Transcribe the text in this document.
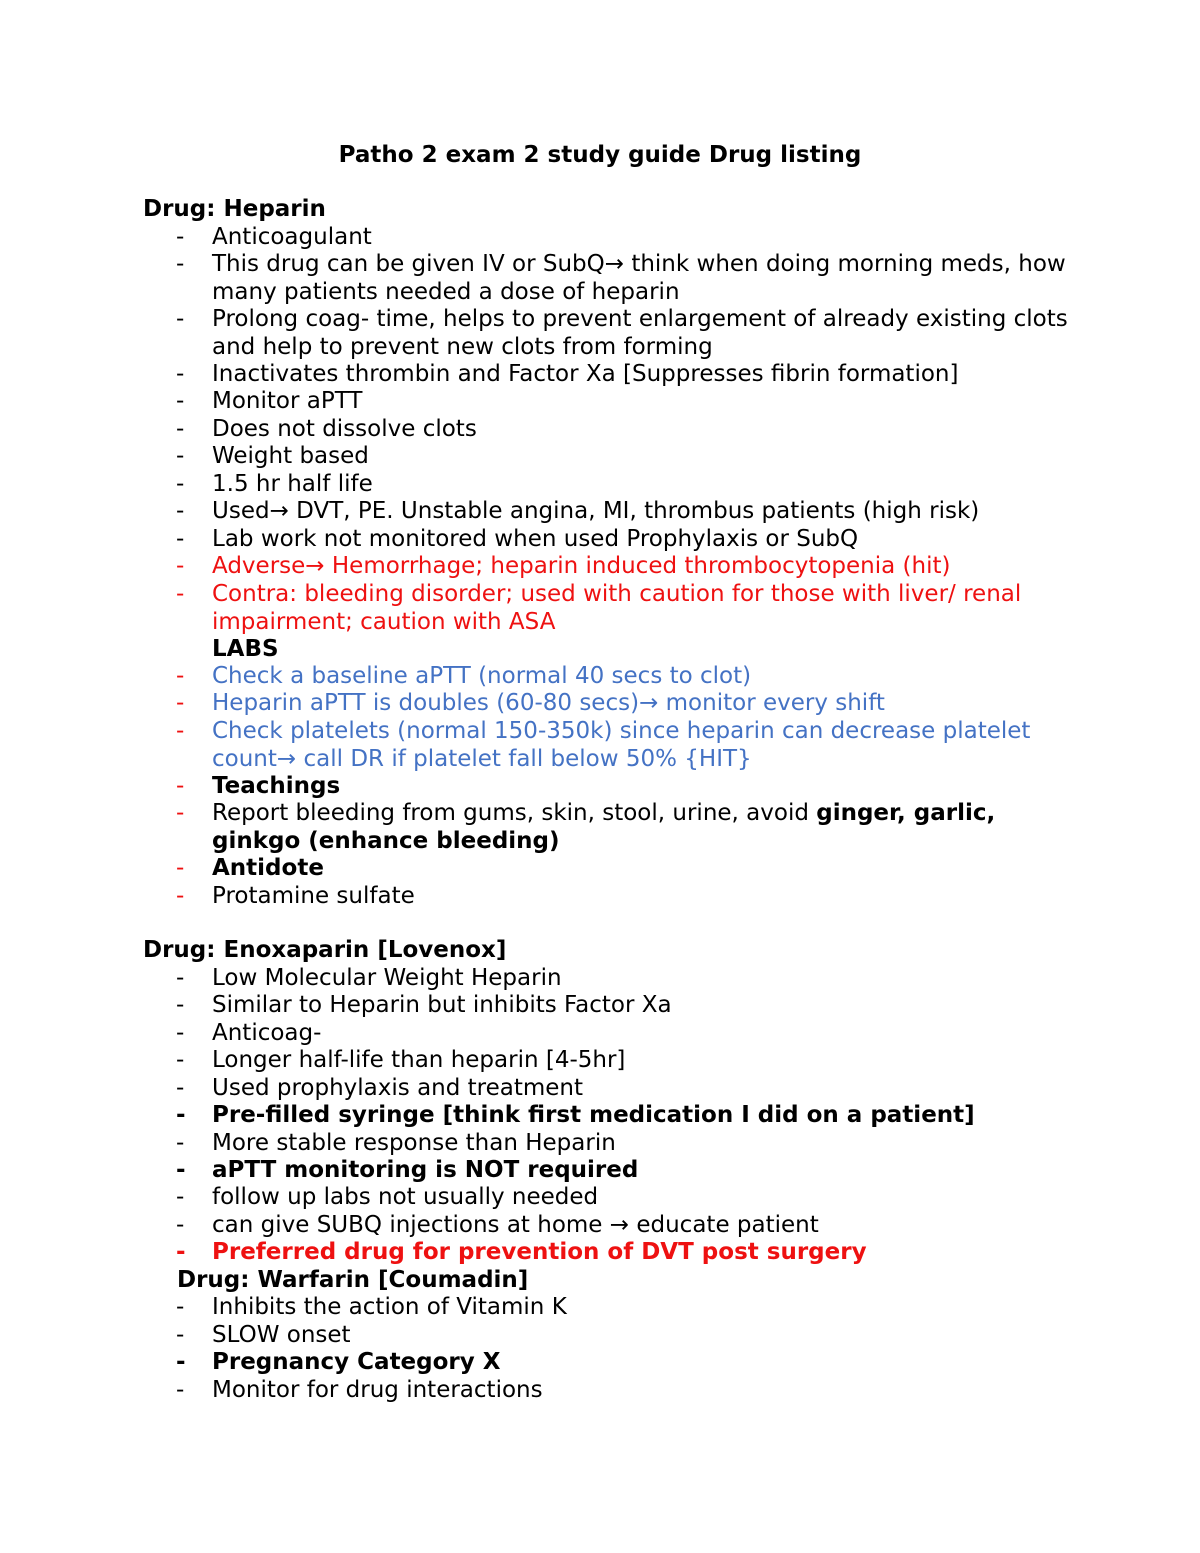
Patho 2 exam 2 study guide Drug listing
Drug: Heparin
- Anticoagulant
- This drug can be given IV or SubQ→ think when doing morning meds, how many patients needed a dose of heparin
- Prolong coag- time, helps to prevent enlargement of already existing clots and help to prevent new clots from forming
- Inactivates thrombin and Factor Xa [Suppresses fibrin formation]
- Monitor aPTT
- Does not dissolve clots
- Weight based
- 1.5 hr half life
- Used→ DVT, PE. Unstable angina, MI, thrombus patients (high risk)
- Lab work not monitored when used Prophylaxis or SubQ
- Adverse→ Hemorrhage; heparin induced thrombocytopenia (hit)
- Contra: bleeding disorder; used with caution for those with liver/ renal impairment; caution with ASA
LABS
- Check a baseline aPTT (normal 40 secs to clot)
- Heparin aPTT is doubles (60-80 secs)→ monitor every shift
- Check platelets (normal 150-350k) since heparin can decrease platelet count→ call DR if platelet fall below 50% {HIT}
- Teachings
- Report bleeding from gums, skin, stool, urine, avoid ginger, garlic, ginkgo (enhance bleeding)
- Antidote
- Protamine sulfate
Drug: Enoxaparin [Lovenox]
- Low Molecular Weight Heparin
- Similar to Heparin but inhibits Factor Xa
- Anticoag-
- Longer half-life than heparin [4-5hr]
- Used prophylaxis and treatment
- Pre-filled syringe [think first medication I did on a patient]
- More stable response than Heparin
- aPTT monitoring is NOT required
- follow up labs not usually needed
- can give SUBQ injections at home → educate patient
- Preferred drug for prevention of DVT post surgery
Drug: Warfarin [Coumadin]
- Inhibits the action of Vitamin K
- SLOW onset
- Pregnancy Category X
- Monitor for drug interactions
